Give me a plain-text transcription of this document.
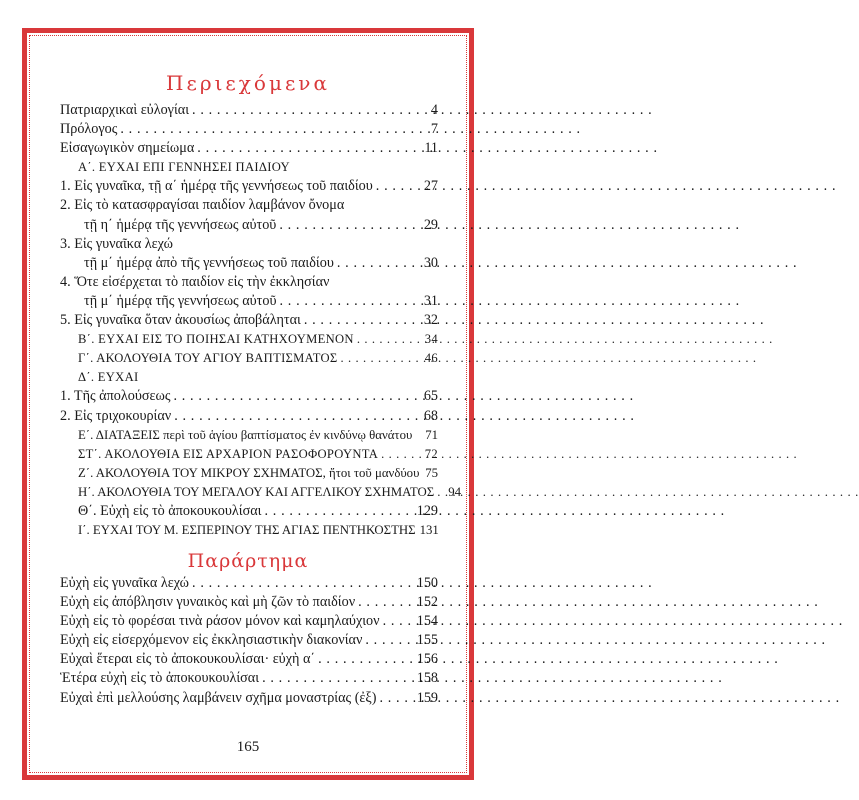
Περιεχόμενα
Πατριαρχικαὶ εὐλογίαι . . .	4
Πρόλογος . . .	7
Εἰσαγωγικὸν σημείωμα . . .	11
Α΄. ΕΥΧΑΙ ΕΠΙ ΓΕΝΝΗΣΕΙ ΠΑΙΔΙΟΥ
1. Εἰς γυναῖκα, τῇ α΄ ἡμέρᾳ τῆς γεννήσεως τοῦ παιδίου . . .	27
2. Εἰς τὸ κατασφραγίσαι παιδίον λαμβάνον ὄνομα
τῇ η΄ ἡμέρᾳ τῆς γεννήσεως αὐτοῦ . . .	29
3. Εἰς γυναῖκα λεχώ
τῇ μ΄ ἡμέρᾳ ἀπὸ τῆς γεννήσεως τοῦ παιδίου . . .	30
4. Ὅτε εἰσέρχεται τὸ παιδίον εἰς τὴν ἐκκλησίαν
τῇ μ΄ ἡμέρᾳ τῆς γεννήσεως αὐτοῦ . . .	31
5. Εἰς γυναῖκα ὅταν ἀκουσίως ἀποβάληται . . .	32
Β΄. ΕΥΧΑΙ ΕΙΣ ΤΟ ΠΟΙΗΣΑΙ ΚΑΤΗΧΟΥΜΕΝΟΝ . . .	34
Γ΄. ΑΚΟΛΟΥΘΙΑ ΤΟΥ ΑΓΙΟΥ ΒΑΠΤΙΣΜΑΤΟΣ . . .	46
Δ΄. ΕΥΧΑΙ
1. Τῆς ἀπολούσεως . . .	65
2. Εἰς τριχοκουρίαν . . .	68
Ε΄. ΔΙΑΤΑΞΕΙΣ περὶ τοῦ ἁγίου βαπτίσματος ἐν κινδύνῳ θανάτου 71
ΣΤ΄. ΑΚΟΛΟΥΘΙΑ ΕΙΣ ΑΡΧΑΡΙΟΝ ΡΑΣΟΦΟΡΟΥΝΤΑ . . .	72
Ζ΄. ΑΚΟΛΟΥΘΙΑ ΤΟΥ ΜΙΚΡΟΥ ΣΧΗΜΑΤΟΣ, ἤτοι τοῦ μανδύου 75
Η΄. ΑΚΟΛΟΥΘΙΑ ΤΟΥ ΜΕΓΑΛΟΥ ΚΑΙ ΑΓΓΕΛΙΚΟΥ ΣΧΗΜΑΤΟΣ . . . 94
Θ΄. Εὐχὴ εἰς τὸ ἀποκουκουλίσαι . . .	129
Ι΄. ΕΥΧΑΙ ΤΟΥ Μ. ΕΣΠΕΡΙΝΟΥ ΤΗΣ ΑΓΙΑΣ ΠΕΝΤΗΚΟΣΤΗΣ 131
Παράρτημα
Εὐχὴ εἰς γυναῖκα λεχώ . . .	150
Εὐχὴ εἰς ἀπόβλησιν γυναικὸς καὶ μὴ ζῶν τὸ παιδίον . . .	152
Εὐχὴ εἰς τὸ φορέσαι τινὰ ράσον μόνον καὶ καμηλαύχιον . . .	154
Εὐχὴ εἰς εἰσερχόμενον εἰς ἐκκλησιαστικὴν διακονίαν . . .	155
Εὐχαὶ ἕτεραι εἰς τὸ ἀποκουκουλίσαι· εὐχὴ α΄ . . .	156
Ἑτέρα εὐχὴ εἰς τὸ ἀποκουκουλίσαι . . .	158
Εὐχαὶ ἐπὶ μελλούσης λαμβάνειν σχῆμα μοναστρίας (ἐξ) . . .	159
165
